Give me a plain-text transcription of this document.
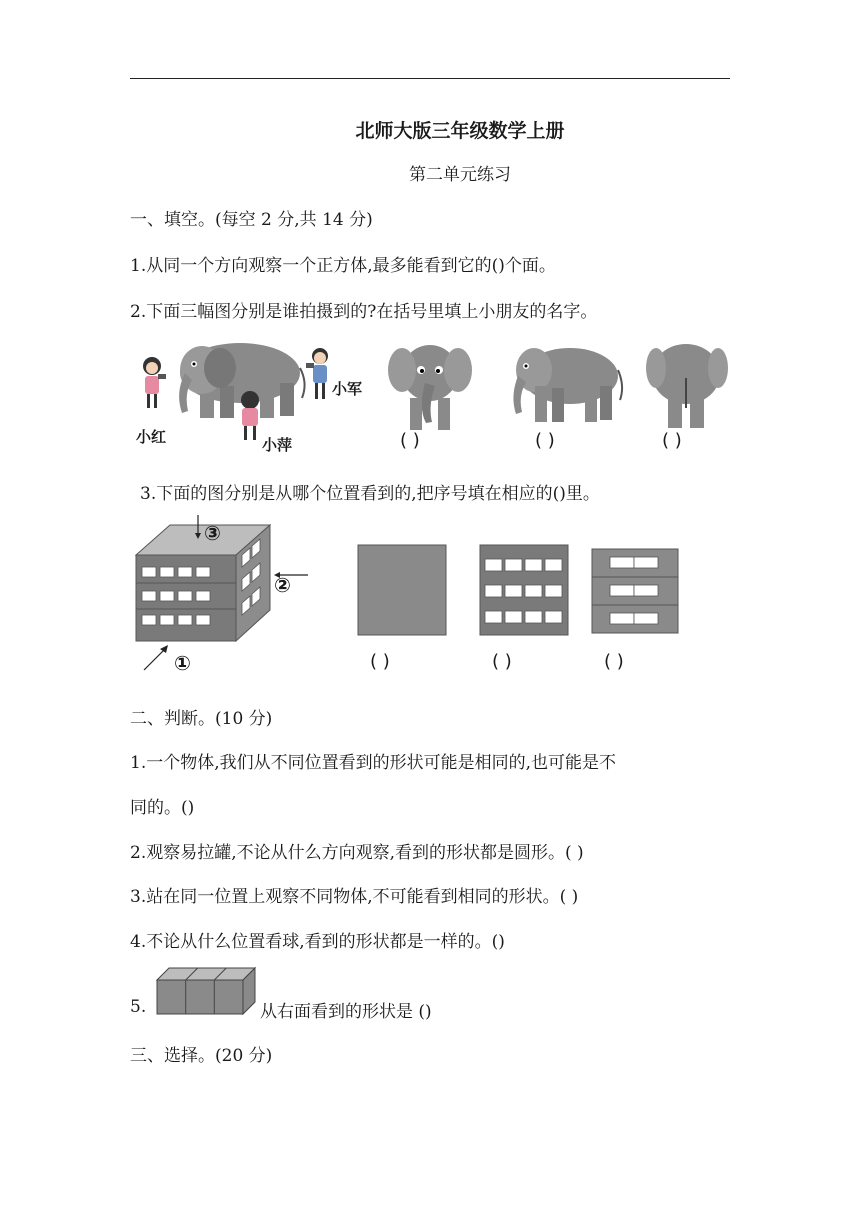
北师大版三年级数学上册
第二单元练习
一、填空。(每空 2 分,共 14 分)
1.从同一个方向观察一个正方体,最多能看到它的()个面。
2.下面三幅图分别是谁拍摄到的?在括号里填上小朋友的名字。
小红	小萍
小军
( )	( )	( )
3.下面的图分别是从哪个位置看到的,把序号填在相应的()里。
③
②
①	( )	( )	( )
二、判断。(10 分)
1.一个物体,我们从不同位置看到的形状可能是相同的,也可能是不
同的。()
2.观察易拉罐,不论从什么方向观察,看到的形状都是圆形。( )
3.站在同一位置上观察不同物体,不可能看到相同的形状。( )
4.不论从什么位置看球,看到的形状都是一样的。()
5.	从右面看到的形状是 ()
三、选择。(20 分)
